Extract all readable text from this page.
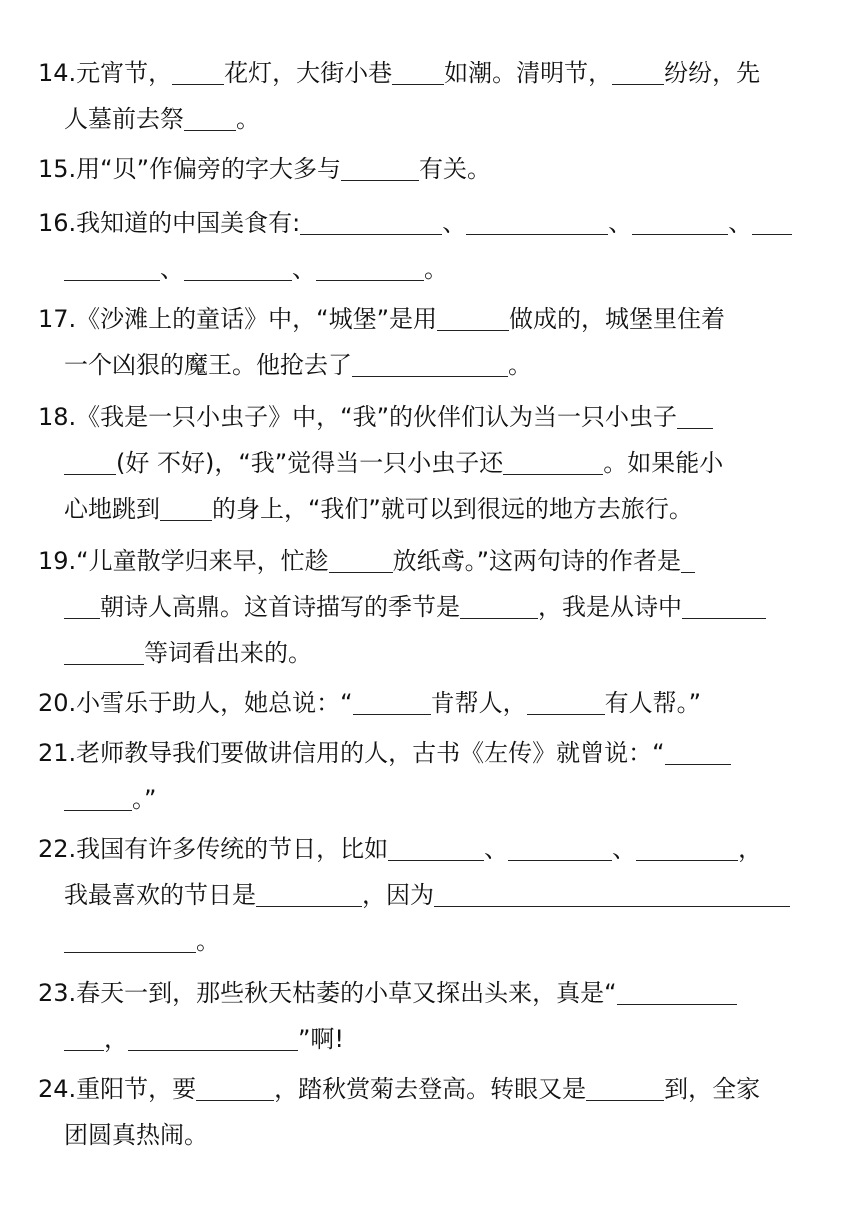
14.元宵节， 花灯，大街小巷 如潮。清明节， 纷纷，先
人墓前去祭 。
15.用“贝”作偏旁的字大多与	有关。
16.我知道的中国美食有:	、	、	、
、	、	。
17.《沙滩上的童话》中，“城堡”是用	做成的，城堡里住着
一个凶狠的魔王。他抢去了	。
18.《我是一只小虫子》中，“我”的伙伴们认为当一只小虫子
(好 不好)，“我”觉得当一只小虫子还	。如果能小
心地跳到 的身上，“我们”就可以到很远的地方去旅行。
19.“儿童散学归来早，忙趁	放纸鸢。”这两句诗的作者是
朝诗人高鼎。这首诗描写的季节是	，我是从诗中
等词看出来的。
20.小雪乐于助人，她总说：“	肯帮人，	有人帮。”
21.老师教导我们要做讲信用的人，古书《左传》就曾说：“
。”
22.我国有许多传统的节日，比如	、	、	，
我最喜欢的节日是	，因为
。
23.春天一到，那些秋天枯萎的小草又探出头来，真是“
，	”啊!
24.重阳节，要	，踏秋赏菊去登高。转眼又是	到，全家
团圆真热闹。
